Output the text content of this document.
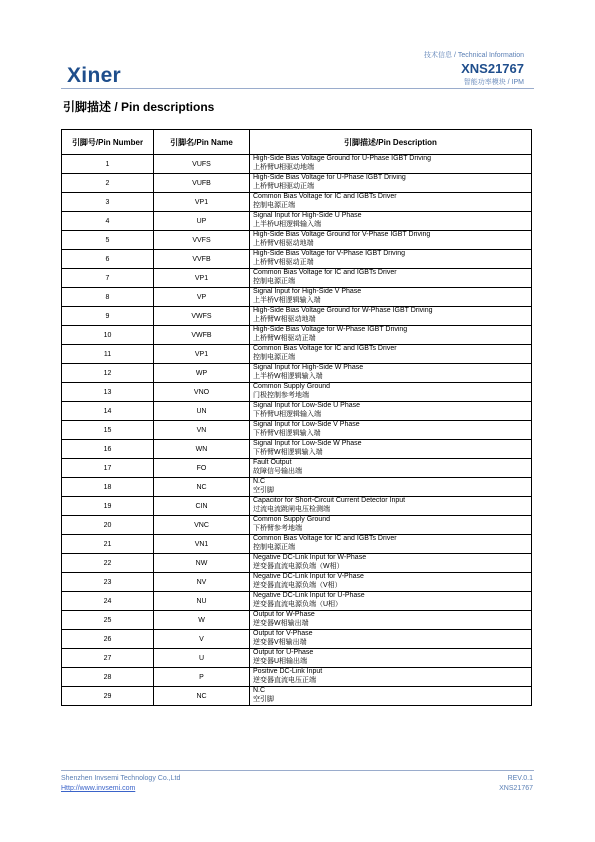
Xiner
技术信息 / Technical Information
XNS21767
智能功率模块 / IPM
引脚描述 / Pin descriptions
引脚号/Pin Number	引脚名/Pin Name	引脚描述/Pin Description
1	VUFS	High-Side Bias Voltage Ground for U-Phase IGBT Driving
上桥臂U相驱动地端

2	VUFB	High-Side Bias Voltage for U-Phase IGBT Driving
上桥臂U相驱动正端

3	VP1	Common Bias Voltage for IC and IGBTs Driver
控制电源正端

4	UP	Signal Input for High-Side U Phase
上半桥U相逻辑输入端

5	VVFS	High-Side Bias Voltage Ground for V-Phase IGBT Driving
上桥臂V相驱动地端

6	VVFB	High-Side Bias Voltage for V-Phase IGBT Driving
上桥臂V相驱动正端

7	VP1	Common Bias Voltage for IC and IGBTs Driver
控制电源正端

8	VP	Signal Input for High-Side V Phase
上半桥V相逻辑输入端

9	VWFS	High-Side Bias Voltage Ground for W-Phase IGBT Driving
上桥臂W相驱动地端

10	VWFB	High-Side Bias Voltage for W-Phase IGBT Driving
上桥臂W相驱动正端

11	VP1	Common Bias Voltage for IC and IGBTs Driver
控制电源正端

12	WP	Signal Input for High-Side W Phase
上半桥W相逻辑输入端

13	VNO	Common Supply Ground
门极控制参考地端

14	UN	Signal Input for Low-Side U Phase
下桥臂U相逻辑输入端

15	VN	Signal Input for Low-Side V Phase
下桥臂V相逻辑输入端

16	WN	Signal Input for Low-Side W Phase
下桥臂W相逻辑输入端

17	FO	Fault Output
故障信号输出端

18	NC	N.C
空引脚

19	CIN	Capacitor for Short-Circuit Current Detector Input
过流电流跳闸电压检测端

20	VNC	Common Supply Ground
下桥臂参考地端

21	VN1	Common Bias Voltage for IC and IGBTs Driver
控制电源正端

22	NW	Negative DC-Link Input for W-Phase
逆变器直流电源负端（W相）

23	NV	Negative DC-Link Input for V-Phase
逆变器直流电源负端（V相）

24	NU	Negative DC-Link Input for U-Phase
逆变器直流电源负端（U相）

25	W	Output for W-Phase
逆变器W相输出端

26	V	Output for V-Phase
逆变器V相输出端

27	U	Output for U-Phase
逆变器U相输出端

28	P	Positive DC-Link Input
逆变器直流电压正端

29	NC	N.C
空引脚
Shenzhen Invsemi Technology Co.,Ltd
Http://www.invsemi.com
REV.0.1
XNS21767
